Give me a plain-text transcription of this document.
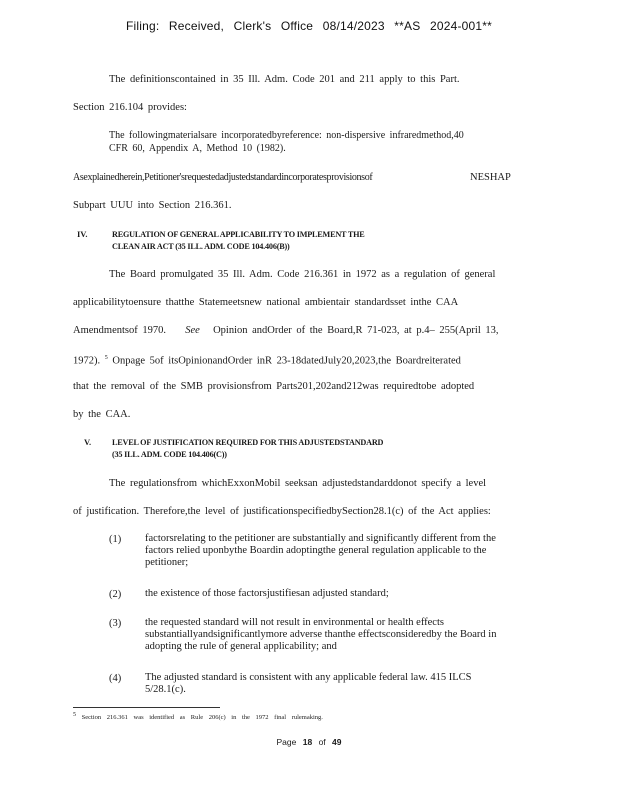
Filing: Received, Clerk's Office 08/14/2023 **AS 2024-001**
The definitionscontained in 35 Ill. Adm. Code 201 and 211 apply to this Part.
Section 216.104 provides:
The followingmaterialsare incorporatedbyreference: non-dispersive infraredmethod,40
CFR 60, Appendix A, Method 10 (1982).
Asexplainedherein,Petitioner'srequestedadjustedstandardincorporatesprovisionsof	NESHAP
Subpart UUU into Section 216.361.
IV.	REGULATION OF GENERAL APPLICABILITY TO IMPLEMENT THE
CLEAN AIR ACT (35 ILL. ADM. CODE 104.406(B))
The Board promulgated 35 Ill. Adm. Code 216.361 in 1972 as a regulation of general
applicabilitytoensure thatthe Statemeetsnew national ambientair standardsset inthe CAA
Amendmentsof 1970. See Opinion andOrder of the Board,R 71-023, at p.4– 255(April 13,
1972). $^5$ Onpage 5of itsOpinionandOrder inR 23-18datedJuly20,2023,the Boardreiterated
that the removal of the SMB provisionsfrom Parts201,202and212was requiredtobe adopted
by the CAA.
V.	LEVEL OF JUSTIFICATION REQUIRED FOR THIS ADJUSTEDSTANDARD
(35 ILL. ADM. CODE 104.406(C))
The regulationsfrom whichExxonMobil seeksan adjustedstandarddonot specify a level
of justification. Therefore,the level of justificationspecifiedbySection28.1(c) of the Act applies:
(1) factorsrelating to the petitioner are substantially and significantly different from the factors relied uponbythe Boardin adoptingthe general regulation applicable to the petitioner;
(2) the existence of those factorsjustifiesan adjusted standard;
(3) the requested standard will not result in environmental or health effects substantiallyandsignificantlymore adverse thanthe effectsconsideredby the Board in adopting the rule of general applicability; and
(4) The adjusted standard is consistent with any applicable federal law. 415 ILCS 5/28.1(c).
5 Section 216.361 was identified as Rule 206(c) in the 1972 final rulemaking.
Page 18 of 49
